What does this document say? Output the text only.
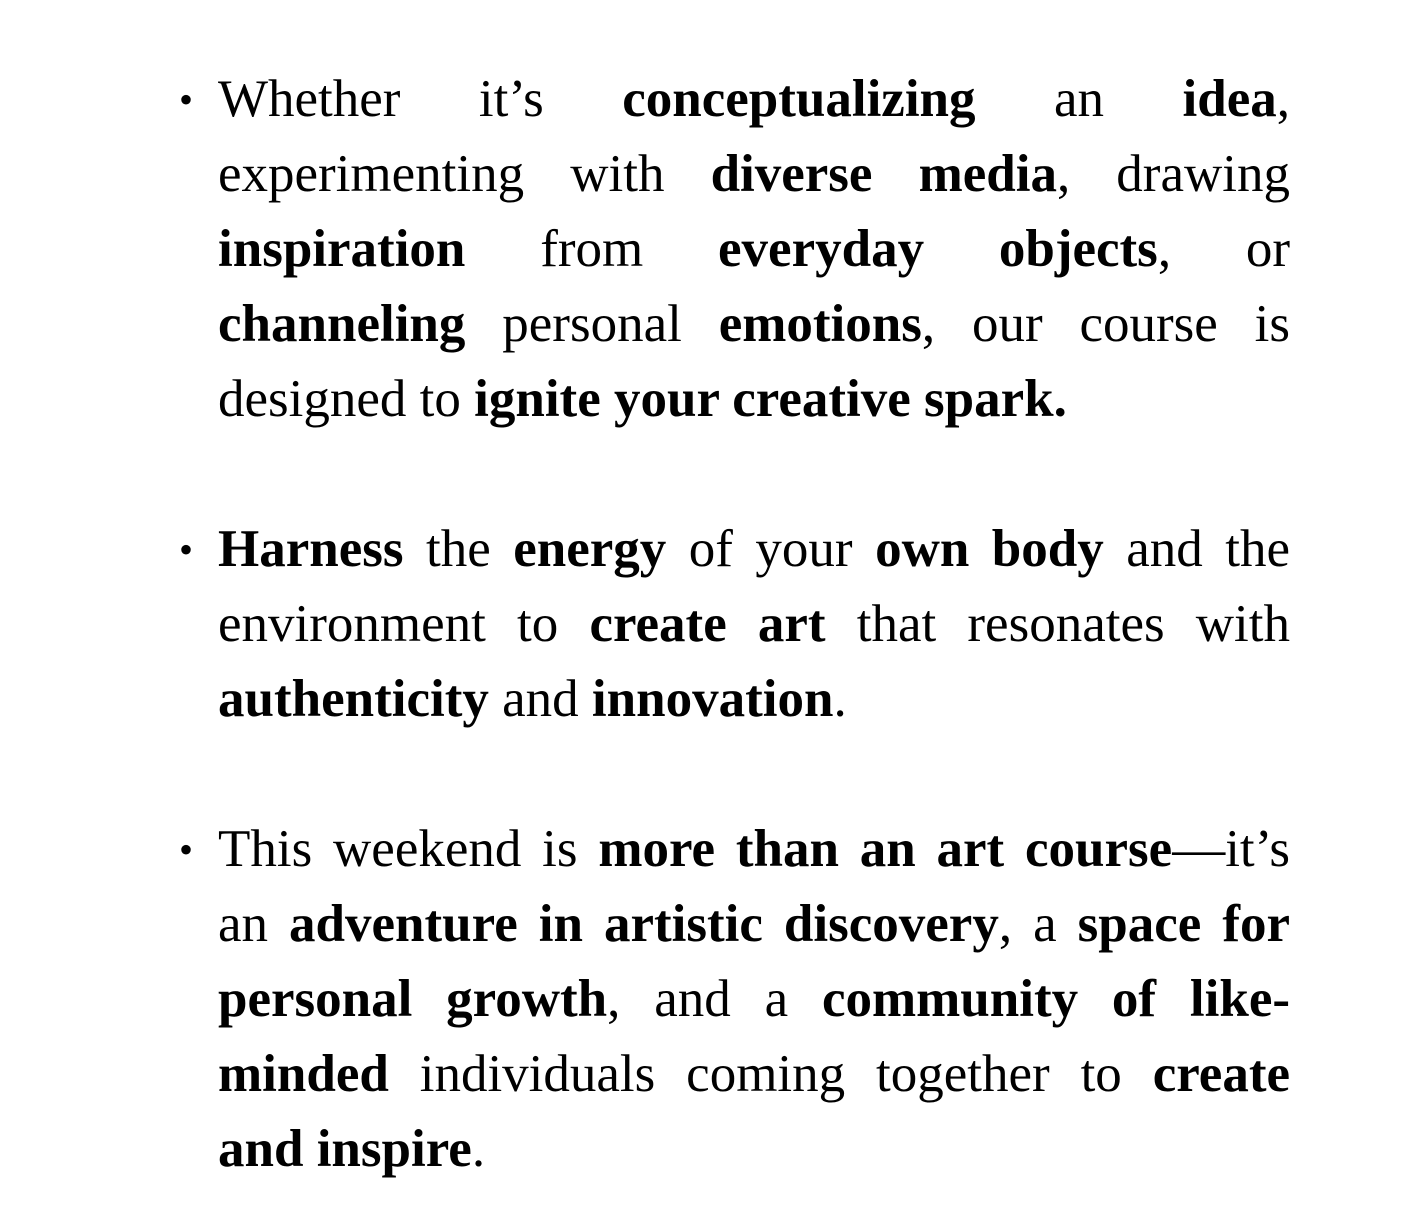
• Whether it’s conceptualizing an idea, experimenting with diverse media, drawing inspiration from everyday objects, or channeling personal emotions, our course is designed to ignite your creative spark.

• Harness the energy of your own body and the environment to create art that resonates with authenticity and innovation.

• This weekend is more than an art course—it’s an adventure in artistic discovery, a space for personal growth, and a community of like-minded individuals coming together to create and inspire.
